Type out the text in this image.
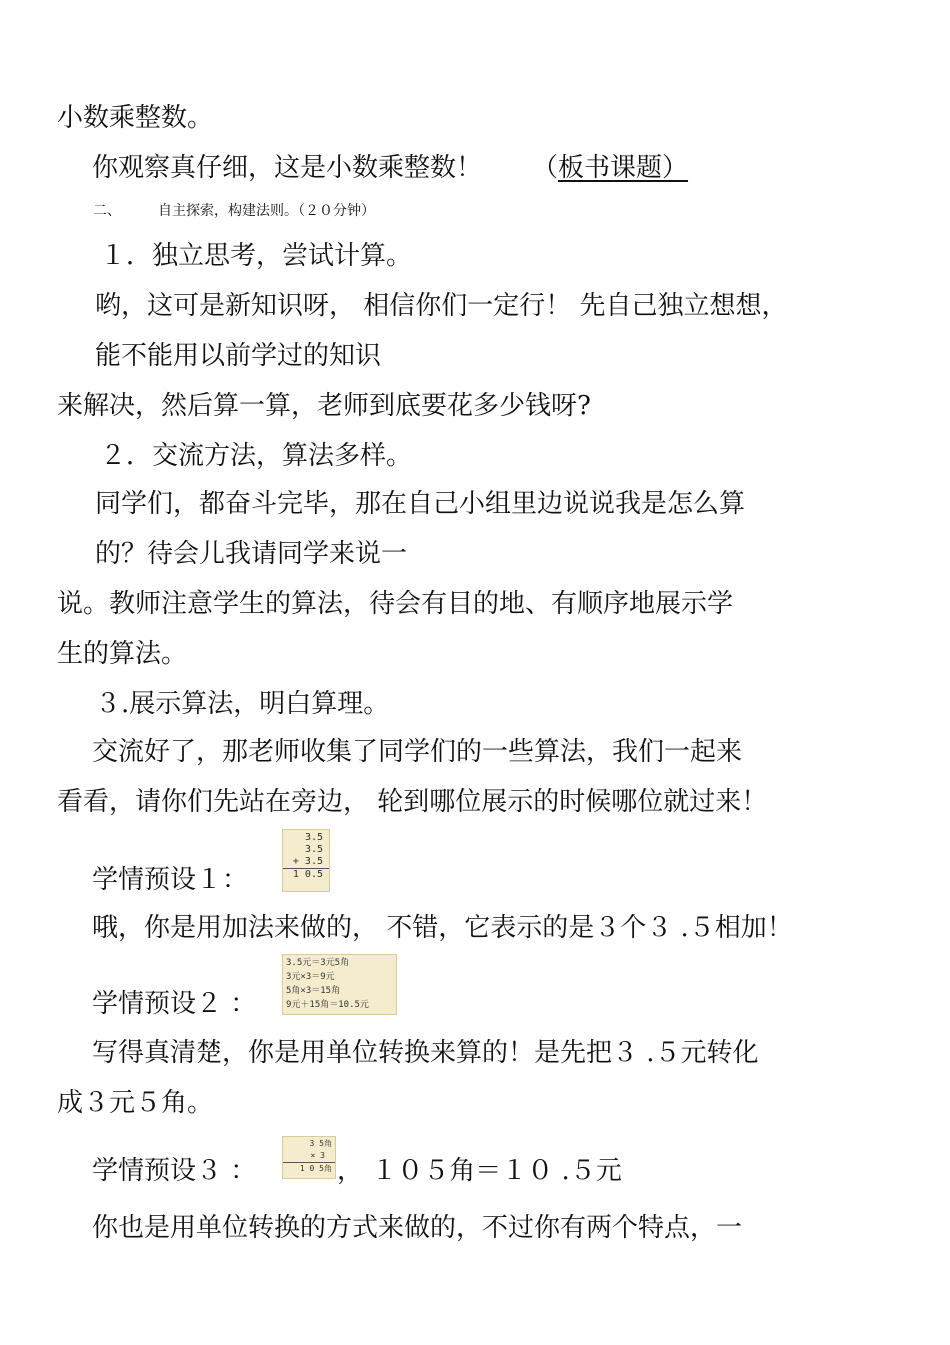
小数乘整数。
你观察真仔细，这是小数乘整数！ （板书课题）
二、	自主探索，构建法则。（２０分钟）
１．独立思考，尝试计算。
哟，这可是新知识呀， 相信你们一定行！ 先自己独立想想，
能不能用以前学过的知识
来解决，然后算一算，老师到底要花多少钱呀?
２．交流方法，算法多样。
同学们，都奋斗完毕，那在自己小组里边说说我是怎么算
的？待会儿我请同学来说一
说。教师注意学生的算法，待会有目的地、有顺序地展示学
生的算法。
３.展示算法，明白算理。
交流好了，那老师收集了同学们的一些算法，我们一起来
看看，请你们先站在旁边， 轮到哪位展示的时候哪位就过来！
学情预设１：
3.5
3.5
+ 3.5
1 0.5
哦，你是用加法来做的， 不错，它表示的是３个３ .５相加！
学情预设２ ：
3.5元＝3元5角
3元×3＝9元
5角×3＝15角
9元＋15角＝10.5元
写得真清楚，你是用单位转换来算的！是先把３ .５元转化
成３元５角。
学情预设３ ：
3 5角
× 3
1 0 5角 ， １０５角＝１０ .５元
你也是用单位转换的方式来做的，不过你有两个特点，一
